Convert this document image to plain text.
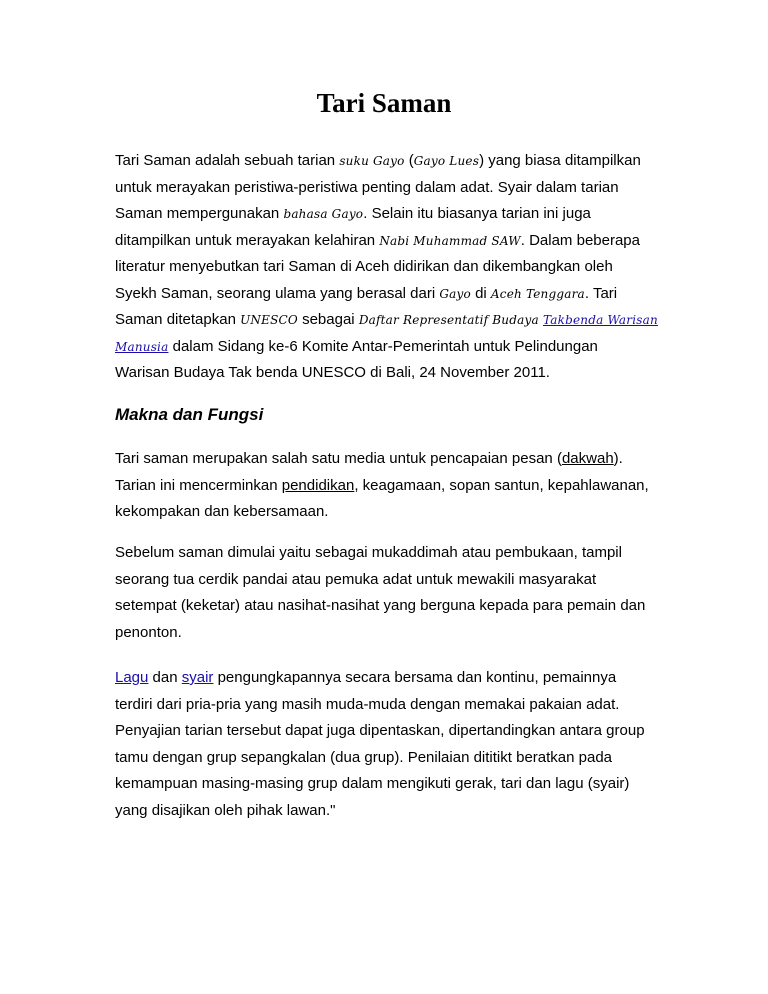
Tari Saman
Tari Saman adalah sebuah tarian suku Gayo (Gayo Lues) yang biasa ditampilkan
untuk merayakan peristiwa-peristiwa penting dalam adat. Syair dalam tarian
Saman mempergunakan bahasa Gayo. Selain itu biasanya tarian ini juga
ditampilkan untuk merayakan kelahiran Nabi Muhammad SAW. Dalam beberapa
literatur menyebutkan tari Saman di Aceh didirikan dan dikembangkan oleh
Syekh Saman, seorang ulama yang berasal dari Gayo di Aceh Tenggara. Tari
Saman ditetapkan UNESCO sebagai Daftar Representatif Budaya Takbenda Warisan
Manusia dalam Sidang ke-6 Komite Antar-Pemerintah untuk Pelindungan
Warisan Budaya Tak benda UNESCO di Bali, 24 November 2011.
Makna dan Fungsi
Tari saman merupakan salah satu media untuk pencapaian pesan (dakwah).
Tarian ini mencerminkan pendidikan, keagamaan, sopan santun, kepahlawanan,
kekompakan dan kebersamaan.
Sebelum saman dimulai yaitu sebagai mukaddimah atau pembukaan, tampil
seorang tua cerdik pandai atau pemuka adat untuk mewakili masyarakat
setempat (keketar) atau nasihat-nasihat yang berguna kepada para pemain dan
penonton.
Lagu dan syair pengungkapannya secara bersama dan kontinu, pemainnya
terdiri dari pria-pria yang masih muda-muda dengan memakai pakaian adat.
Penyajian tarian tersebut dapat juga dipentaskan, dipertandingkan antara group
tamu dengan grup sepangkalan (dua grup). Penilaian dititikt beratkan pada
kemampuan masing-masing grup dalam mengikuti gerak, tari dan lagu (syair)
yang disajikan oleh pihak lawan."
